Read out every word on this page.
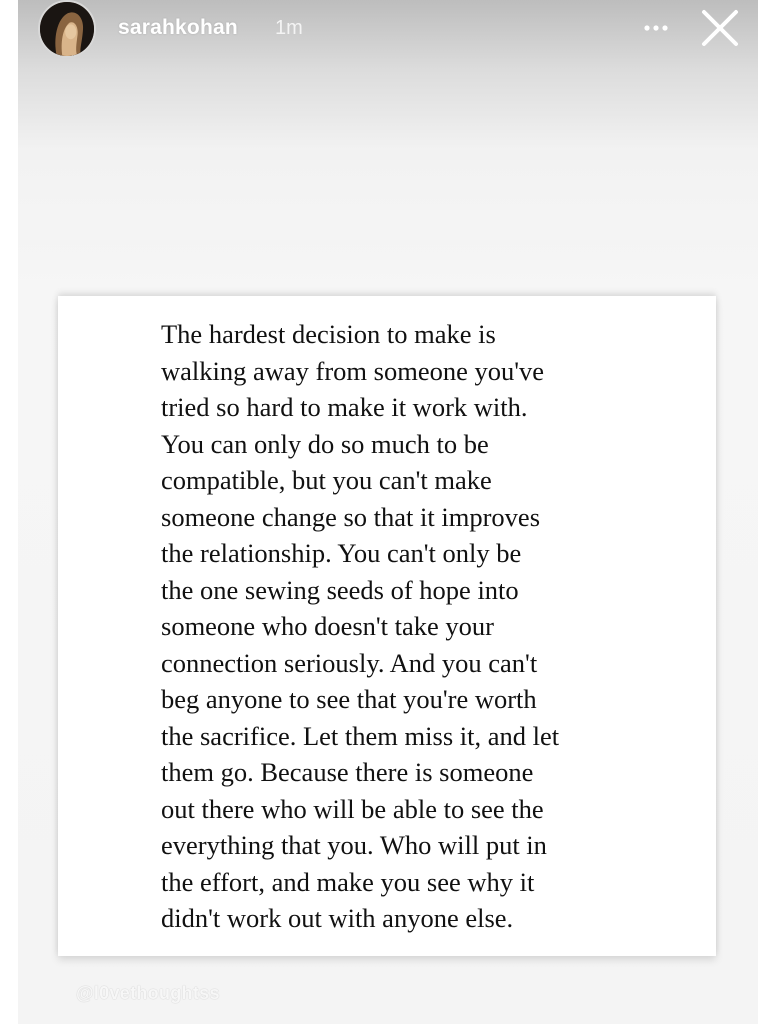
sarahkohan 1m

The hardest decision to make is
walking away from someone you've
tried so hard to make it work with.
You can only do so much to be
compatible, but you can't make
someone change so that it improves
the relationship. You can't only be
the one sewing seeds of hope into
someone who doesn't take your
connection seriously. And you can't
beg anyone to see that you're worth
the sacrifice. Let them miss it, and let
them go. Because there is someone
out there who will be able to see the
everything that you. Who will put in
the effort, and make you see why it
didn't work out with anyone else.

@l0vethoughtss
